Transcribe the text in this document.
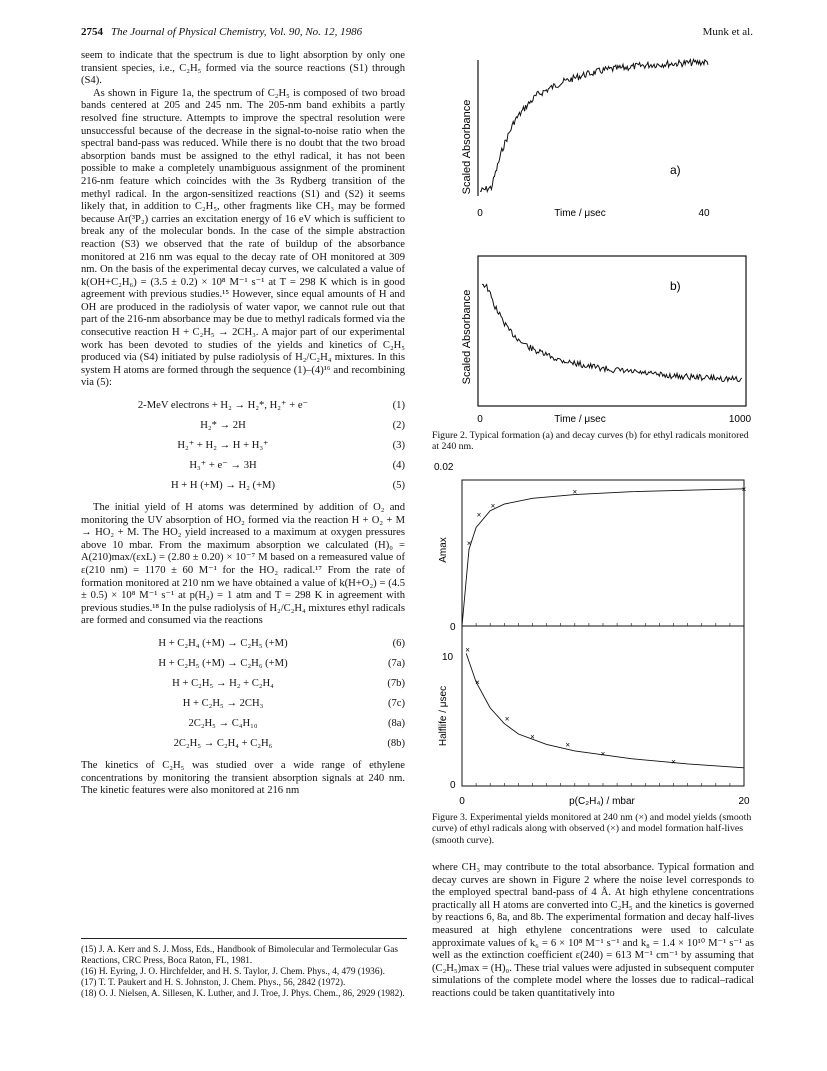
2754 The Journal of Physical Chemistry, Vol. 90, No. 12, 1986	Munk et al.

seem to indicate that the spectrum is due to light absorption by only one transient species, i.e., C₂H₅ formed via the source reactions (S1) through (S4).

As shown in Figure 1a, the spectrum of C₂H₅ is composed of two broad bands centered at 205 and 245 nm. The 205-nm band exhibits a partly resolved fine structure. Attempts to improve the spectral resolution were unsuccessful because of the decrease in the signal-to-noise ratio when the spectral band-pass was reduced. While there is no doubt that the two broad absorption bands must be assigned to the ethyl radical, it has not been possible to make a completely unambiguous assignment of the prominent 216-nm feature which coincides with the 3s Rydberg transition of the methyl radical. In the argon-sensitized reactions (S1) and (S2) it seems likely that, in addition to C₂H₅, other fragments like CH₃ may be formed because Ar(³P₂) carries an excitation energy of 16 eV which is sufficient to break any of the molecular bonds. In the case of the simple abstraction reaction (S3) we observed that the rate of buildup of the absorbance monitored at 216 nm was equal to the decay rate of OH monitored at 309 nm. On the basis of the experimental decay curves, we calculated a value of k(OH+C₂H₆) = (3.5 ± 0.2) × 10⁸ M⁻¹ s⁻¹ at T = 298 K which is in good agreement with previous studies.¹⁵ However, since equal amounts of H and OH are produced in the radiolysis of water vapor, we cannot rule out that part of the 216-nm absorbance may be due to methyl radicals formed via the consecutive reaction H + C₂H₅ → 2CH₃. A major part of our experimental work has been devoted to studies of the yields and kinetics of C₂H₅ produced via (S4) initiated by pulse radiolysis of H₂/C₂H₄ mixtures. In this system H atoms are formed through the sequence (1)–(4)¹⁶ and recombining via (5):

2-MeV electrons + H₂ → H₂*, H₂⁺ + e⁻	(1)
H₂* → 2H	(2)
H₂⁺ + H₂ → H + H₃⁺	(3)
H₃⁺ + e⁻ → 3H	(4)
H + H (+M) → H₂ (+M)	(5)

The initial yield of H atoms was determined by addition of O₂ and monitoring the UV absorption of HO₂ formed via the reaction H + O₂ + M → HO₂ + M. The HO₂ yield increased to a maximum at oxygen pressures above 10 mbar. From the maximum absorption we calculated (H)₀ = A(210)max/(εxL) = (2.80 ± 0.20) × 10⁻⁷ M based on a remeasured value of ε(210 nm) = 1170 ± 60 M⁻¹ for the HO₂ radical.¹⁷ From the rate of formation monitored at 210 nm we have obtained a value of k(H+O₂) = (4.5 ± 0.5) × 10⁸ M⁻¹ s⁻¹ at p(H₂) = 1 atm and T = 298 K in agreement with previous studies.¹⁸ In the pulse radiolysis of H₂/C₂H₄ mixtures ethyl radicals are formed and consumed via the reactions

H + C₂H₄ (+M) → C₂H₅ (+M)	(6)
H + C₂H₅ (+M) → C₂H₆ (+M)	(7a)
H + C₂H₅ → H₂ + C₂H₄	(7b)
H + C₂H₅ → 2CH₃	(7c)
2C₂H₅ → C₄H₁₀	(8a)
2C₂H₅ → C₂H₄ + C₂H₆	(8b)

The kinetics of C₂H₅ was studied over a wide range of ethylene concentrations by monitoring the transient absorption signals at 240 nm. The kinetic features were also monitored at 216 nm

(15) J. A. Kerr and S. J. Moss, Eds., Handbook of Bimolecular and Termolecular Gas Reactions, CRC Press, Boca Raton, FL, 1981.
(16) H. Eyring, J. O. Hirchfelder, and H. S. Taylor, J. Chem. Phys., 4, 479 (1936).
(17) T. T. Paukert and H. S. Johnston, J. Chem. Phys., 56, 2842 (1972).
(18) O. J. Nielsen, A. Sillesen, K. Luther, and J. Troe, J. Phys. Chem., 86, 2929 (1982).
Scaled Absorbance	a)
0	Time / μsec	40
Scaled Absorbance
b)
0	Time / μsec	1000
Figure 2. Typical formation (a) and decay curves (b) for ethyl radicals monitored at 240 nm.
0.02
0
Amax ×
×
×
×	×
10
0
Halflife / μsec
×
×
×
×
×
×
×
0	p(C₂H₄) / mbar	20
Figure 3. Experimental yields monitored at 240 nm (×) and model yields (smooth curve) of ethyl radicals along with observed (×) and model formation half-lives (smooth curve).

where CH₃ may contribute to the total absorbance. Typical formation and decay curves are shown in Figure 2 where the noise level corresponds to the employed spectral band-pass of 4 Å. At high ethylene concentrations practically all H atoms are converted into C₂H₅ and the kinetics is governed by reactions 6, 8a, and 8b. The experimental formation and decay half-lives measured at high ethylene concentrations were used to calculate approximate values of k₆ = 6 × 10⁸ M⁻¹ s⁻¹ and k₈ = 1.4 × 10¹⁰ M⁻¹ s⁻¹ as well as the extinction coefficient ε(240) = 613 M⁻¹ cm⁻¹ by assuming that (C₂H₅)max = (H)₀. These trial values were adjusted in subsequent computer simulations of the complete model where the losses due to radical–radical reactions could be taken quantitatively into
